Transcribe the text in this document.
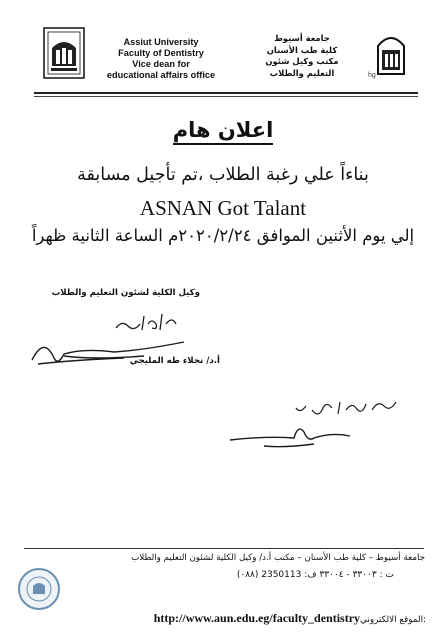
Assiut University
Faculty of Dentistry
Vice dean for
educational affairs office
جامعة أسيوط
كلية طب الأسنان
مكتب وكيل شئون
التعليم والطلاب	hg
اعلان هام
بناءاً علي رغبة الطلاب ،تم تأجيل مسابقة
ASNAN Got Talant
إلي يوم الأثنين الموافق ٢٠٢٠/٢/٢٤م الساعة الثانية ظهراً
وكيل الكلية لشئون التعليم والطلاب
أ.د/ نجلاء طه المليجي
جامعة أسيوط – كلية طب الأسنان – مكتب أ.د/ وكيل الكلية لشئون التعليم والطلاب
ت : ٣٣٠٠٣ - ٣٣٠٠٤ ف: 2350113 (٠٨٨)
http://www.aun.edu.eg/faculty_dentistryالموقع الالكتروني:
